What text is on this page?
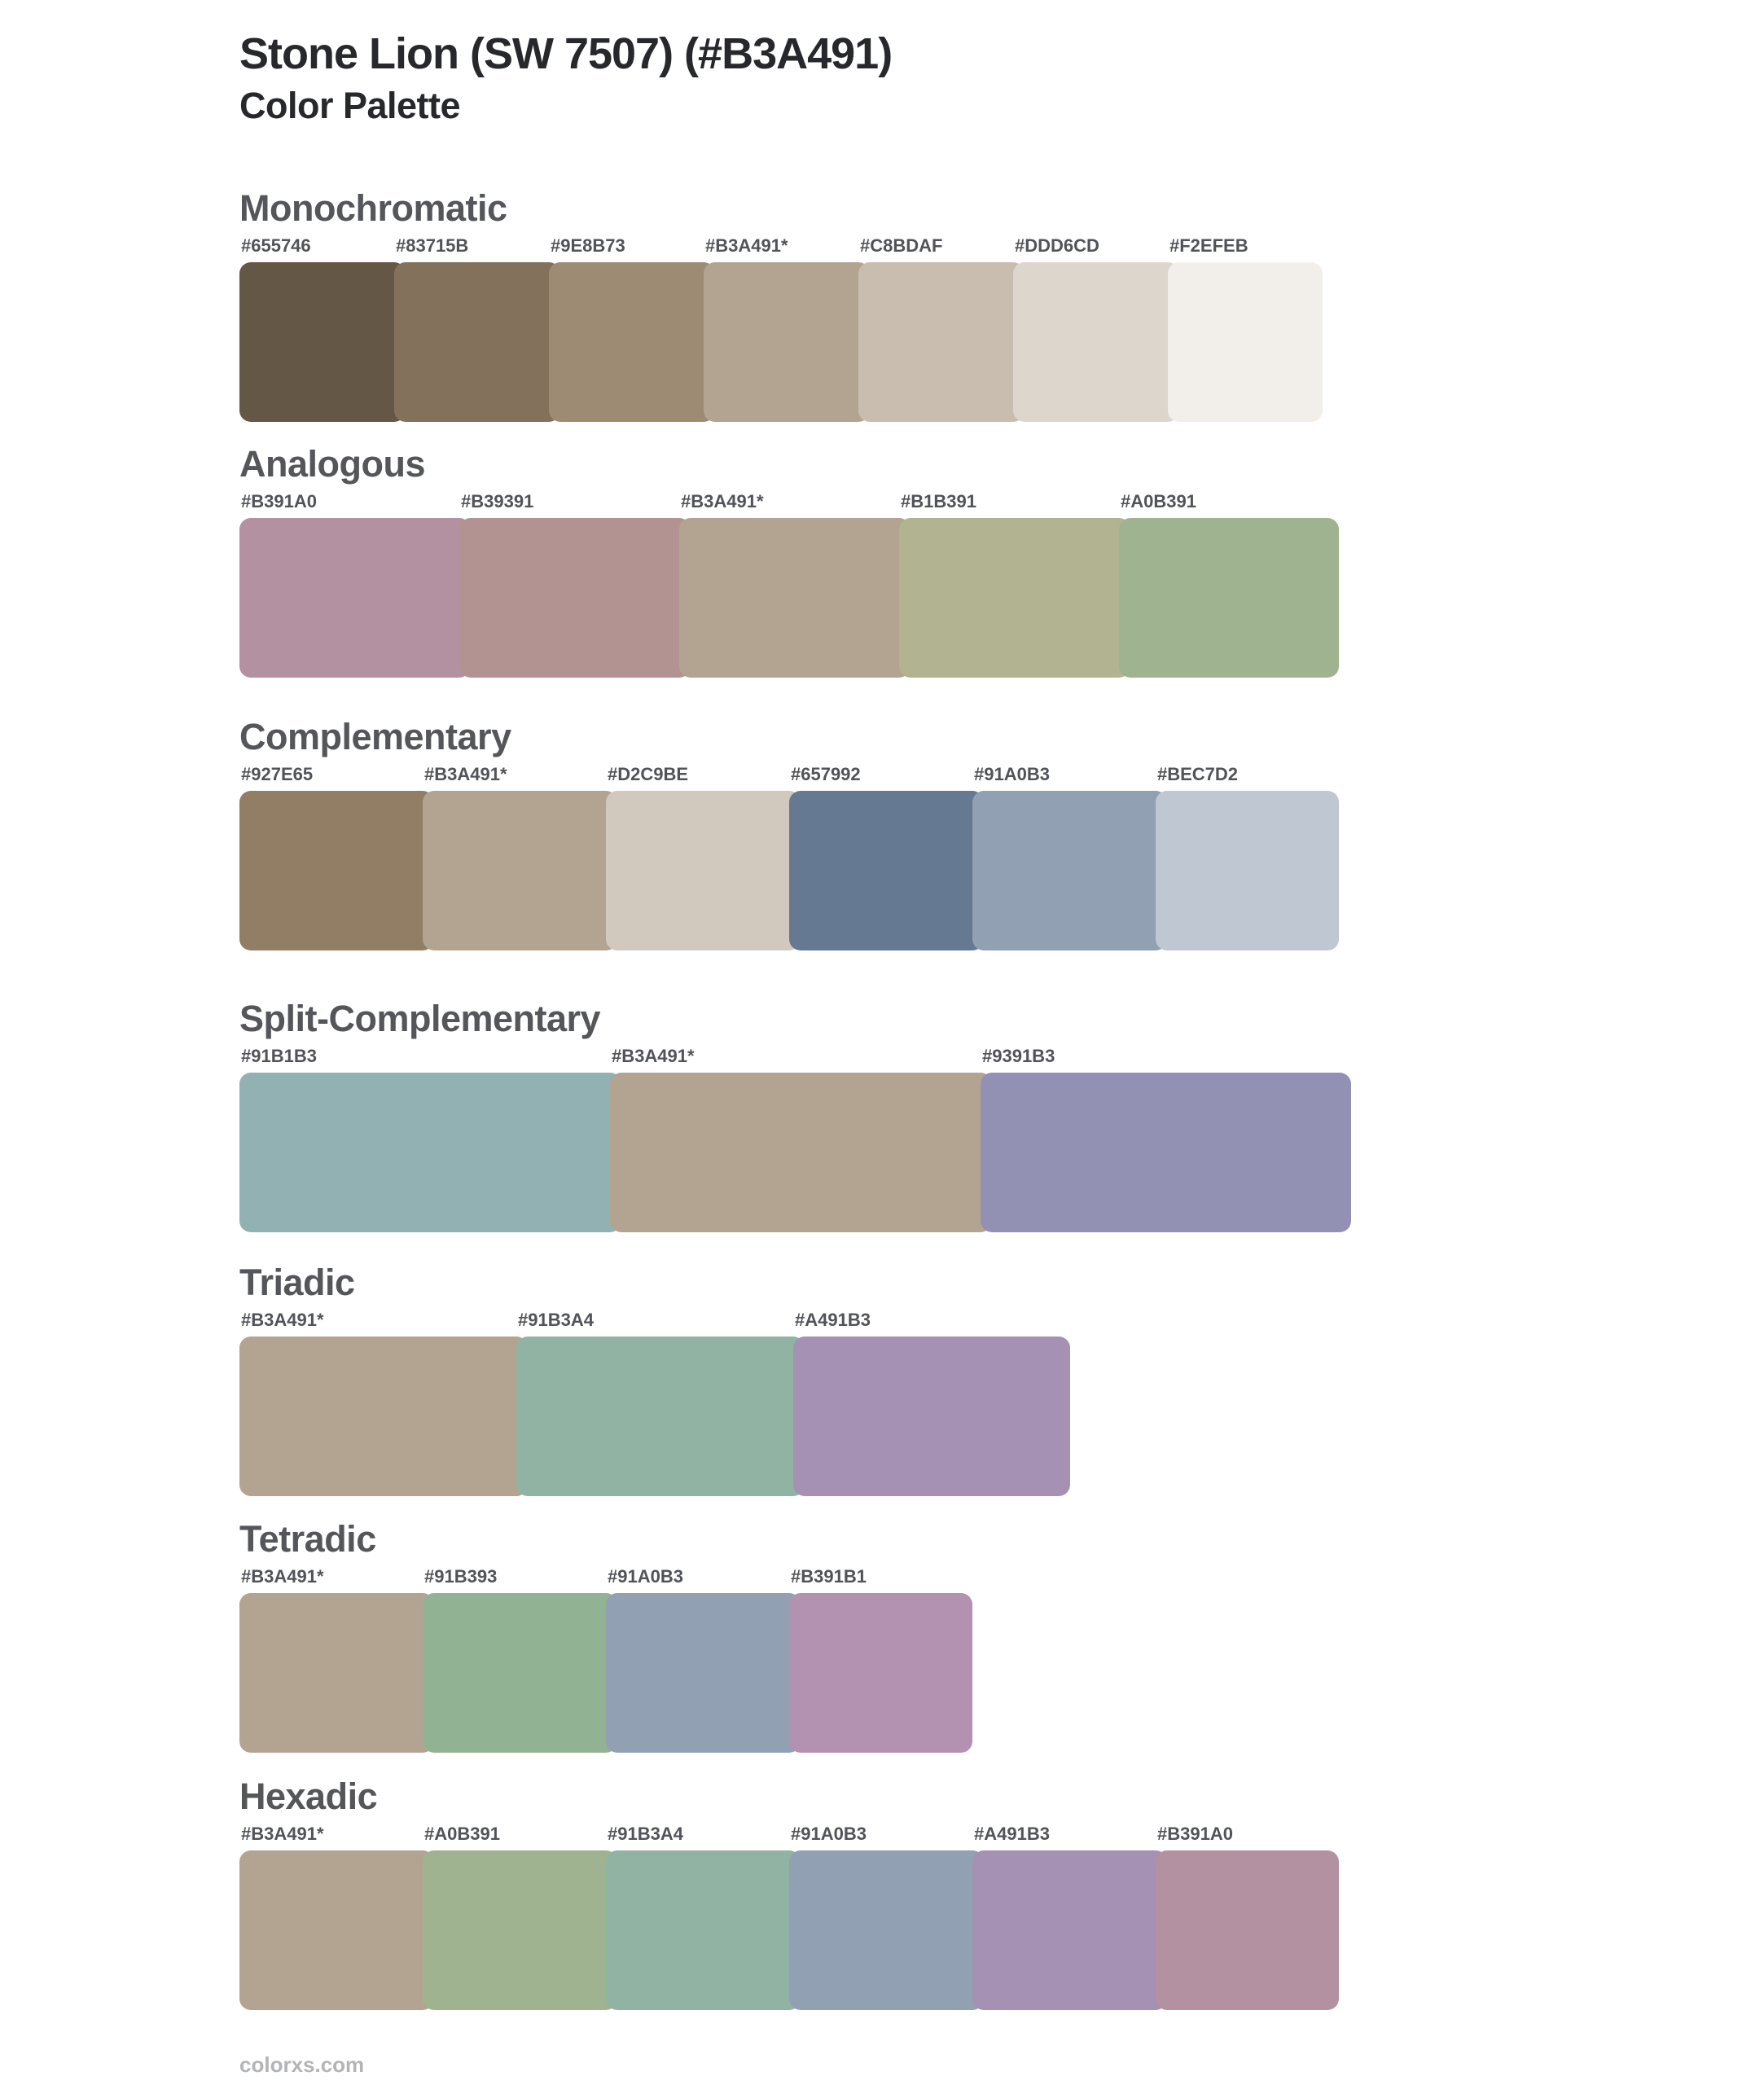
Stone Lion (SW 7507) (#B3A491)
Color Palette
Monochromatic
#655746	#83715B	#9E8B73	#B3A491*	#C8BDAF	#DDD6CD	#F2EFEB
Analogous
#B391A0	#B39391	#B3A491*	#B1B391	#A0B391
Complementary
#927E65	#B3A491*	#D2C9BE	#657992	#91A0B3	#BEC7D2
Split-Complementary
#91B1B3	#B3A491*	#9391B3
Triadic
#B3A491*	#91B3A4	#A491B3
Tetradic
#B3A491*	#91B393	#91A0B3	#B391B1
Hexadic
#B3A491*	#A0B391	#91B3A4	#91A0B3	#A491B3	#B391A0
colorxs.com
